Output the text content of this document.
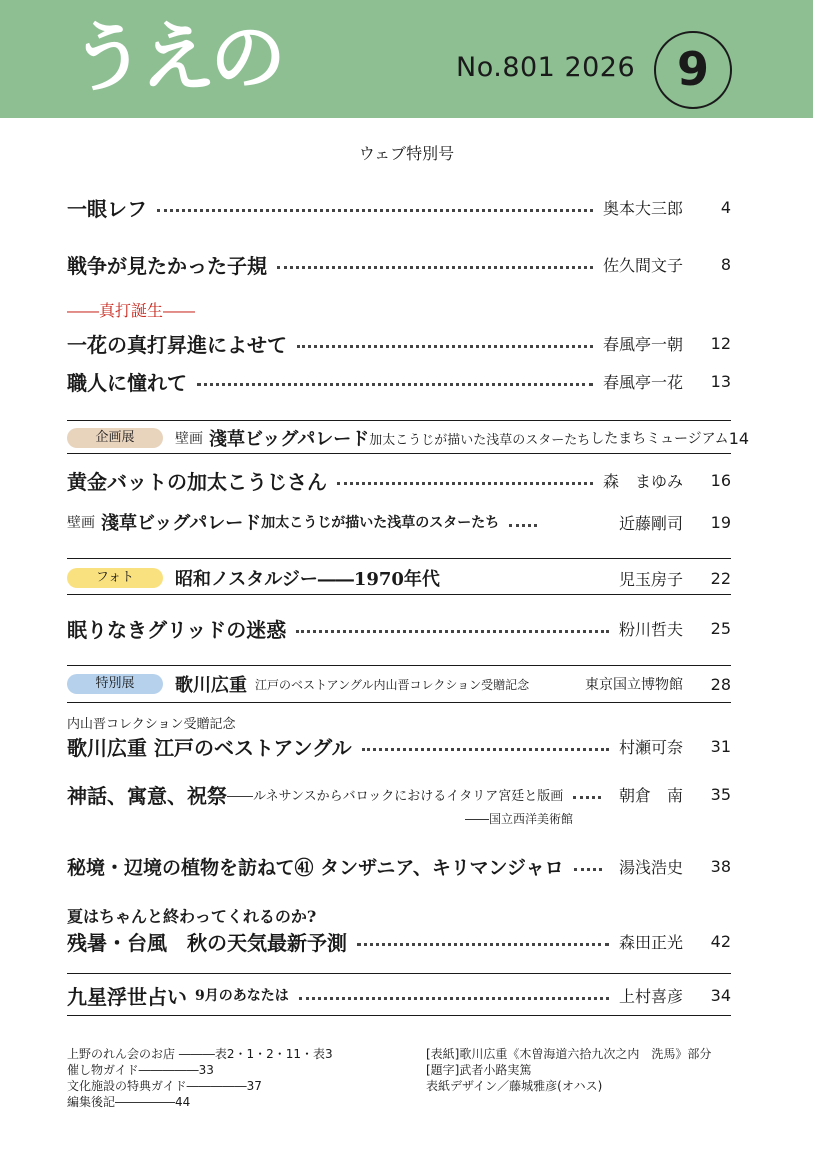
うえの	No.801 2026 9
ウェブ特別号
一眼レフ	奥本大三郎	4
戦争が見たかった子規	佐久間文子	8
――真打誕生――
一花の真打昇進によせて	春風亭一朝	12
職人に憧れて	春風亭一花	13
企画展	壁画 淺草ビッグパレード 加太こうじが描いた浅草のスターたち したまちミュージアム 14
黄金バットの加太こうじさん	森　まゆみ	16
壁画 淺草ビッグパレード 加太こうじが描いた浅草のスターたち	近藤剛司	19
フォト	昭和ノスタルジー――1970年代	児玉房子	22
眠りなきグリッドの迷惑	粉川哲夫	25
特別展	歌川広重 江戸のベストアングル内山晋コレクション受贈記念	東京国立博物館	28
内山晋コレクション受贈記念
歌川広重 江戸のベストアングル	村瀬可奈	31
神話、寓意、祝祭 ――ルネサンスからバロックにおけるイタリア宮廷と版画	朝倉　南	35
――国立西洋美術館
秘境・辺境の植物を訪ねて㊶ タンザニア、キリマンジャロ	湯浅浩史	38
夏はちゃんと終わってくれるのか?
残暑・台風　秋の天気最新予測	森田正光	42
九星浮世占い 9月のあなたは	上村喜彦	34
上野のれん会のお店 ―――表2・1・2・11・表3
催し物ガイド―――――33
文化施設の特典ガイド―――――37
編集後記―――――44
[表紙]歌川広重《木曽海道六拾九次之内　洗馬》部分
[題字]武者小路実篤
表紙デザイン／藤城雅彦(オハス)
